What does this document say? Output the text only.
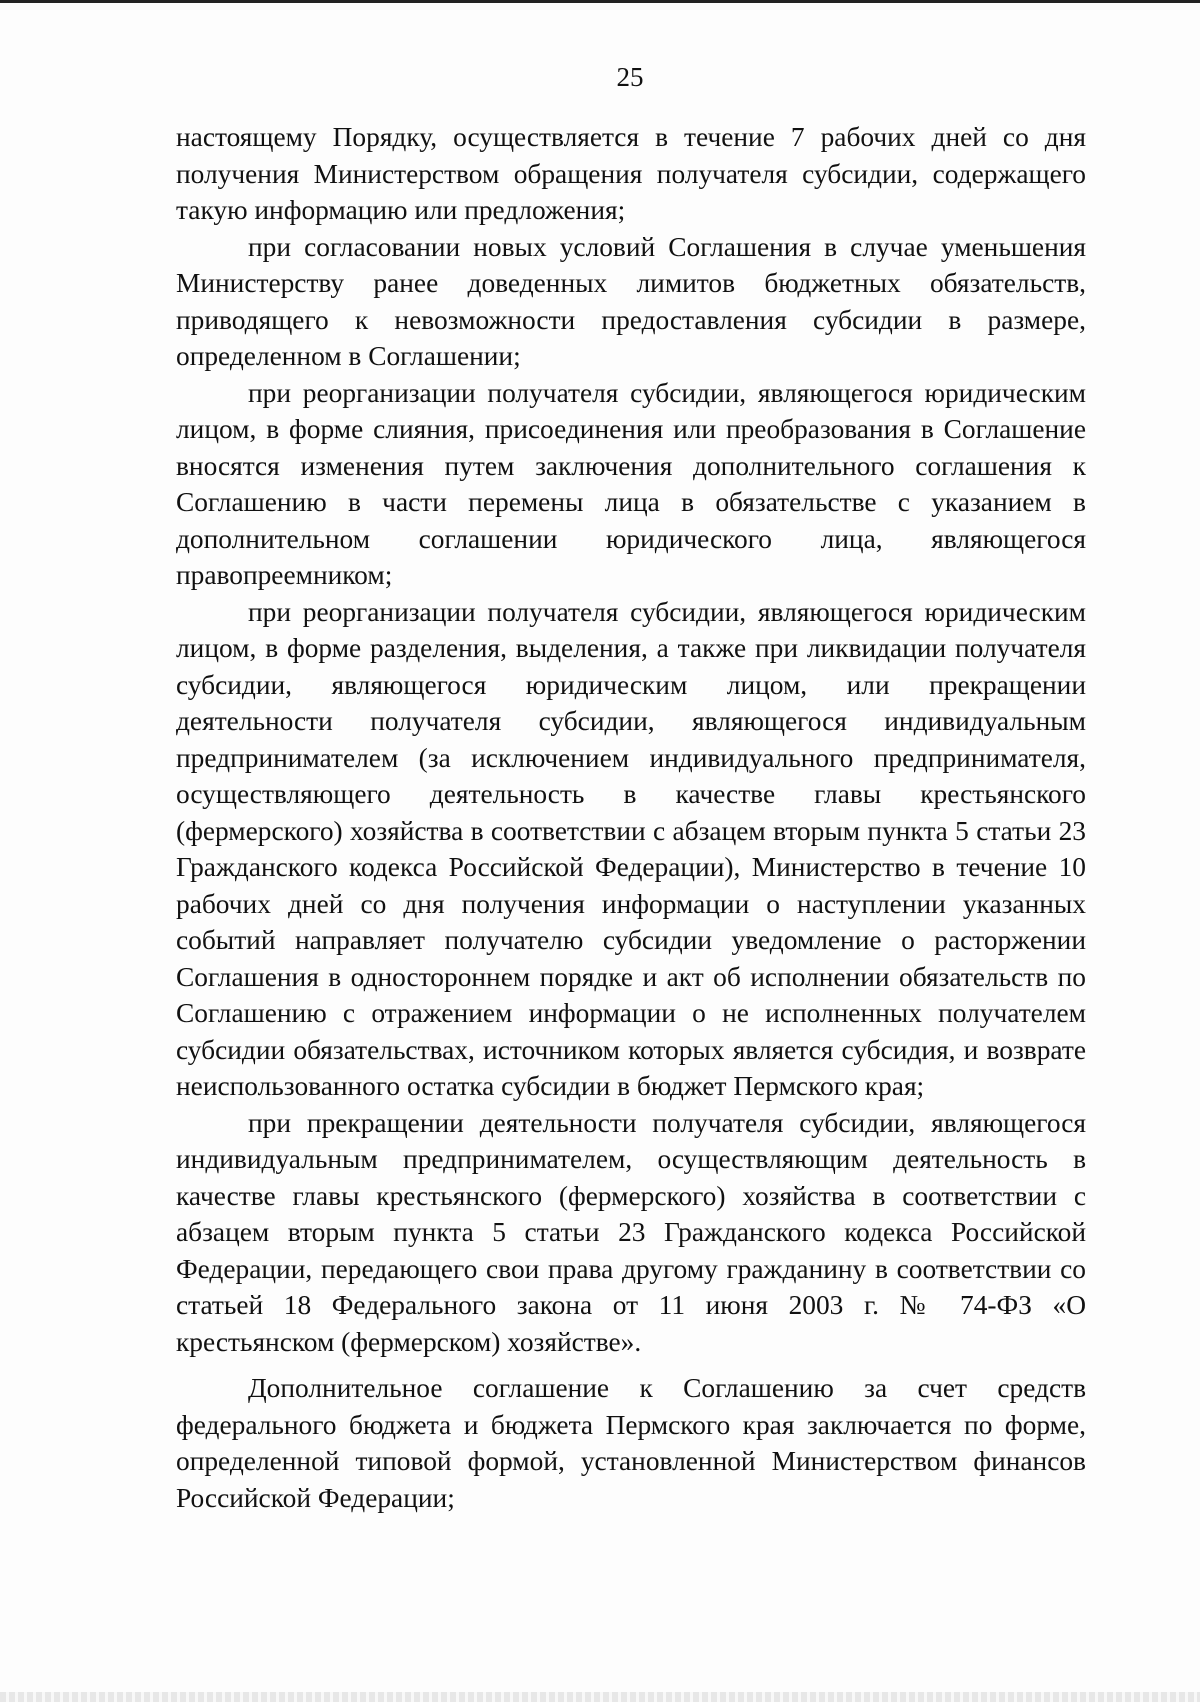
25

настоящему Порядку, осуществляется в течение 7 рабочих дней со дня получения Министерством обращения получателя субсидии, содержащего такую информацию или предложения;

при согласовании новых условий Соглашения в случае уменьшения Министерству ранее доведенных лимитов бюджетных обязательств, приводящего к невозможности предоставления субсидии в размере, определенном в Соглашении;

при реорганизации получателя субсидии, являющегося юридическим лицом, в форме слияния, присоединения или преобразования в Соглашение вносятся изменения путем заключения дополнительного соглашения к Соглашению в части перемены лица в обязательстве с указанием в дополнительном соглашении юридического лица, являющегося правопреемником;

при реорганизации получателя субсидии, являющегося юридическим лицом, в форме разделения, выделения, а также при ликвидации получателя субсидии, являющегося юридическим лицом, или прекращении деятельности получателя субсидии, являющегося индивидуальным предпринимателем (за исключением индивидуального предпринимателя, осуществляющего деятельность в качестве главы крестьянского (фермерского) хозяйства в соответствии с абзацем вторым пункта 5 статьи 23 Гражданского кодекса Российской Федерации), Министерство в течение 10 рабочих дней со дня получения информации о наступлении указанных событий направляет получателю субсидии уведомление о расторжении Соглашения в одностороннем порядке и акт об исполнении обязательств по Соглашению с отражением информации о не исполненных получателем субсидии обязательствах, источником которых является субсидия, и возврате неиспользованного остатка субсидии в бюджет Пермского края;

при прекращении деятельности получателя субсидии, являющегося индивидуальным предпринимателем, осуществляющим деятельность в качестве главы крестьянского (фермерского) хозяйства в соответствии с абзацем вторым пункта 5 статьи 23 Гражданского кодекса Российской Федерации, передающего свои права другому гражданину в соответствии со статьей 18 Федерального закона от 11 июня 2003 г. № 74-ФЗ «О крестьянском (фермерском) хозяйстве».

Дополнительное соглашение к Соглашению за счет средств федерального бюджета и бюджета Пермского края заключается по форме, определенной типовой формой, установленной Министерством финансов Российской Федерации;
